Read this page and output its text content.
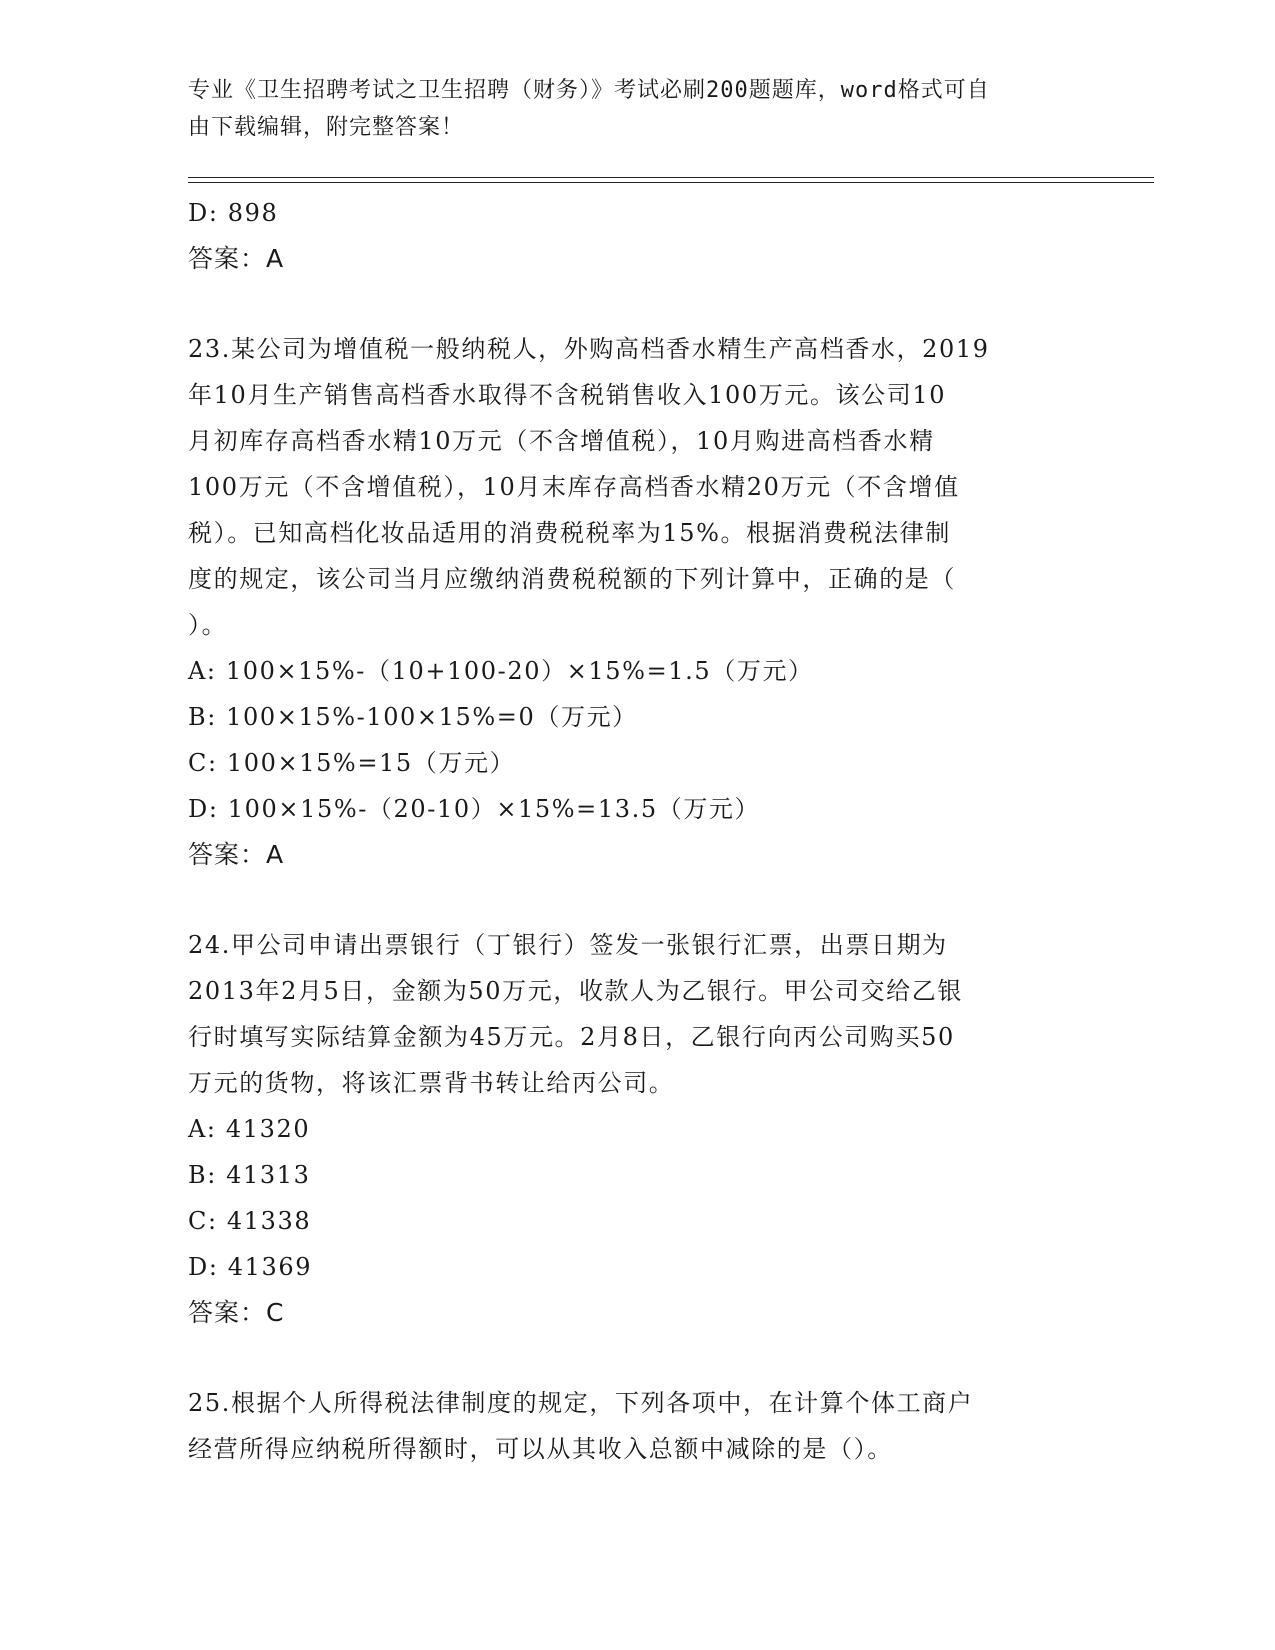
专业《卫生招聘考试之卫生招聘（财务）》考试必刷200题题库，word格式可自
由下载编辑，附完整答案！
D: 898
答案：A
23.某公司为增值税一般纳税人，外购高档香水精生产高档香水，2019
年10月生产销售高档香水取得不含税销售收入100万元。该公司10
月初库存高档香水精10万元（不含增值税），10月购进高档香水精
100万元（不含增值税），10月末库存高档香水精20万元（不含增值
税）。已知高档化妆品适用的消费税税率为15%。根据消费税法律制
度的规定，该公司当月应缴纳消费税税额的下列计算中，正确的是（
）。
A: 100×15%-（10+100-20）×15%=1.5（万元）
B: 100×15%-100×15%=0（万元）
C: 100×15%=15（万元）
D: 100×15%-（20-10）×15%=13.5（万元）
答案：A
24.甲公司申请出票银行（丁银行）签发一张银行汇票，出票日期为
2013年2月5日，金额为50万元，收款人为乙银行。甲公司交给乙银
行时填写实际结算金额为45万元。2月8日，乙银行向丙公司购买50
万元的货物，将该汇票背书转让给丙公司。
A: 41320
B: 41313
C: 41338
D: 41369
答案：C
25.根据个人所得税法律制度的规定，下列各项中，在计算个体工商户
经营所得应纳税所得额时，可以从其收入总额中减除的是（）。
